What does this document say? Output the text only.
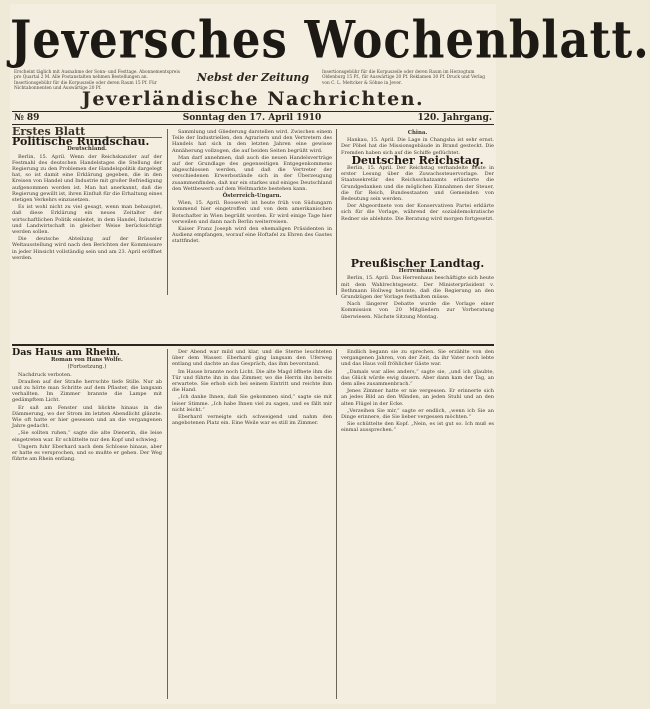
Jeversches Wochenblatt.
Erscheint täglich mit Ausnahme der Sonn- und Festtage. Abonnementspreis pro Quartal 2 M. Alle Postanstalten nehmen Bestellungen an. Insertionsgebühr für die Korpuszeile oder deren Raum 15 Pf. Für Nichtabonnenten und Auswärtige 20 Pf.
Nebst der Zeitung	Insertionsgebühr für die Korpuszeile oder deren Raum im Herzogtum Oldenburg 15 Pf., für Auswärtige 20 Pf. Reklamen 30 Pf. Druck und Verlag von C. L. Mettcker & Söhne in Jever.
Jeverländische Nachrichten.
№ 89	Sonntag den 17. April 1910	120. Jahrgang.

Erstes Blatt

Politische Rundschau.

Deutschland.

Berlin, 15. April. Wenn der Reichskanzler auf der Festmahl des deutschen Handelstages die Stellung der Regierung zu den Problemen der Handelspolitik dargelegt hat, so ist damit eine Erklärung gegeben, die in den Kreisen von Handel und Industrie mit großer Befriedigung aufgenommen worden ist. Man hat anerkannt, daß die Regierung gewillt ist, ihren Einfluß für die Erhaltung eines stetigen Verkehrs einzusetzen.

Es ist wohl nicht zu viel gesagt, wenn man behauptet, daß diese Erklärung ein neues Zeitalter der wirtschaftlichen Politik einleitet, in dem Handel, Industrie und Landwirtschaft in gleicher Weise berücksichtigt werden sollen.

Die deutsche Abteilung auf der Brüsseler Weltausstellung wird nach den Berichten der Kommissare in jeder Hinsicht vollständig sein und am 23. April eröffnet werden.

Sammlung und Gliederung darstellen wird. Zwischen einem Teile der Industriellen, den Agrariern und den Vertretern des Handels hat sich in den letzten Jahren eine gewisse Annäherung vollzogen, die auf beiden Seiten begrüßt wird.

Man darf annehmen, daß auch die neuen Handelsverträge auf der Grundlage des gegenseitigen Entgegenkommens abgeschlossen werden, und daß die Vertreter der verschiedenen Erwerbsstände sich in der Überzeugung zusammenfinden, daß nur ein starkes und einiges Deutschland den Wettbewerb auf dem Weltmarkte bestehen kann.

Österreich-Ungarn.

Wien, 15. April. Roosevelt ist heute früh von Südungarn kommend hier eingetroffen und von dem amerikanischen Botschafter in Wien begrüßt worden. Er wird einige Tage hier verweilen und dann nach Berlin weiterreisen.

Kaiser Franz Joseph wird den ehemaligen Präsidenten in Audienz empfangen, worauf eine Hoftafel zu Ehren des Gastes stattfindet.

China.

Hankau, 15. April. Die Lage in Changsha ist sehr ernst. Der Pöbel hat die Missionsgebäude in Brand gesteckt. Die Fremden haben sich auf die Schiffe geflüchtet.

Deutscher Reichstag.

Berlin, 15. April. Der Reichstag verhandelte heute in erster Lesung über die Zuwachssteuervorlage. Der Staatssekretär des Reichsschatzamts erläuterte die Grundgedanken und die möglichen Einnahmen der Steuer, die für Reich, Bundesstaaten und Gemeinden von Bedeutung sein werden.

Der Abgeordnete von der Konservativen Partei erklärte sich für die Vorlage, während der sozialdemokratische Redner sie ablehnte. Die Beratung wird morgen fortgesetzt.

Preußischer Landtag.

Herrenhaus.

Berlin, 15. April. Das Herrenhaus beschäftigte sich heute mit dem Wahlrechtsgesetz. Der Ministerpräsident v. Bethmann Hollweg betonte, daß die Regierung an den Grundzügen der Vorlage festhalten müsse.

Nach längerer Debatte wurde die Vorlage einer Kommission von 20 Mitgliedern zur Vorberatung überwiesen. Nächste Sitzung Montag.

Das Haus am Rhein.

Roman von Hans Wolfe.

(Fortsetzung.)

Nachdruck verboten.

Draußen auf der Straße herrschte tiefe Stille. Nur ab und zu hörte man Schritte auf dem Pflaster, die langsam verhallten. Im Zimmer brannte die Lampe mit gedämpftem Licht.

Er saß am Fenster und blickte hinaus in die Dämmerung, wo der Strom im letzten Abendlicht glänzte. Wie oft hatte er hier gesessen und an die vergangenen Jahre gedacht.

„Sie sollten ruhen,“ sagte die alte Dienerin, die leise eingetreten war. Er schüttelte nur den Kopf und schwieg.

Ungern fuhr Eberhard nach dem Schlosse hinaus, aber er hatte es versprochen, und so mußte er gehen. Der Weg führte am Rhein entlang.

Der Abend war mild und klar, und die Sterne leuchteten über dem Wasser. Eberhard ging langsam den Uferweg entlang und dachte an das Gespräch, das ihm bevorstand.

Im Hause brannte noch Licht. Die alte Magd öffnete ihm die Tür und führte ihn in das Zimmer, wo die Herrin ihn bereits erwartete. Sie erhob sich bei seinem Eintritt und reichte ihm die Hand.

„Ich danke Ihnen, daß Sie gekommen sind,“ sagte sie mit leiser Stimme. „Ich habe Ihnen viel zu sagen, und es fällt mir nicht leicht.“

Eberhard verneigte sich schweigend und nahm den angebotenen Platz ein. Eine Weile war es still im Zimmer.

Endlich begann sie zu sprechen. Sie erzählte von den vergangenen Jahren, von der Zeit, da ihr Vater noch lebte und das Haus voll fröhlicher Gäste war.

„Damals war alles anders,“ sagte sie, „und ich glaubte, das Glück würde ewig dauern. Aber dann kam der Tag, an dem alles zusammenbrach.“

Jenes Zimmer hatte er nie vergessen. Er erinnerte sich an jedes Bild an den Wänden, an jeden Stuhl und an den alten Flügel in der Ecke.

„Verzeihen Sie mir,“ sagte er endlich, „wenn ich Sie an Dinge erinnere, die Sie lieber vergessen möchten.“

Sie schüttelte den Kopf. „Nein, es ist gut so. Ich muß es einmal aussprechen.“
